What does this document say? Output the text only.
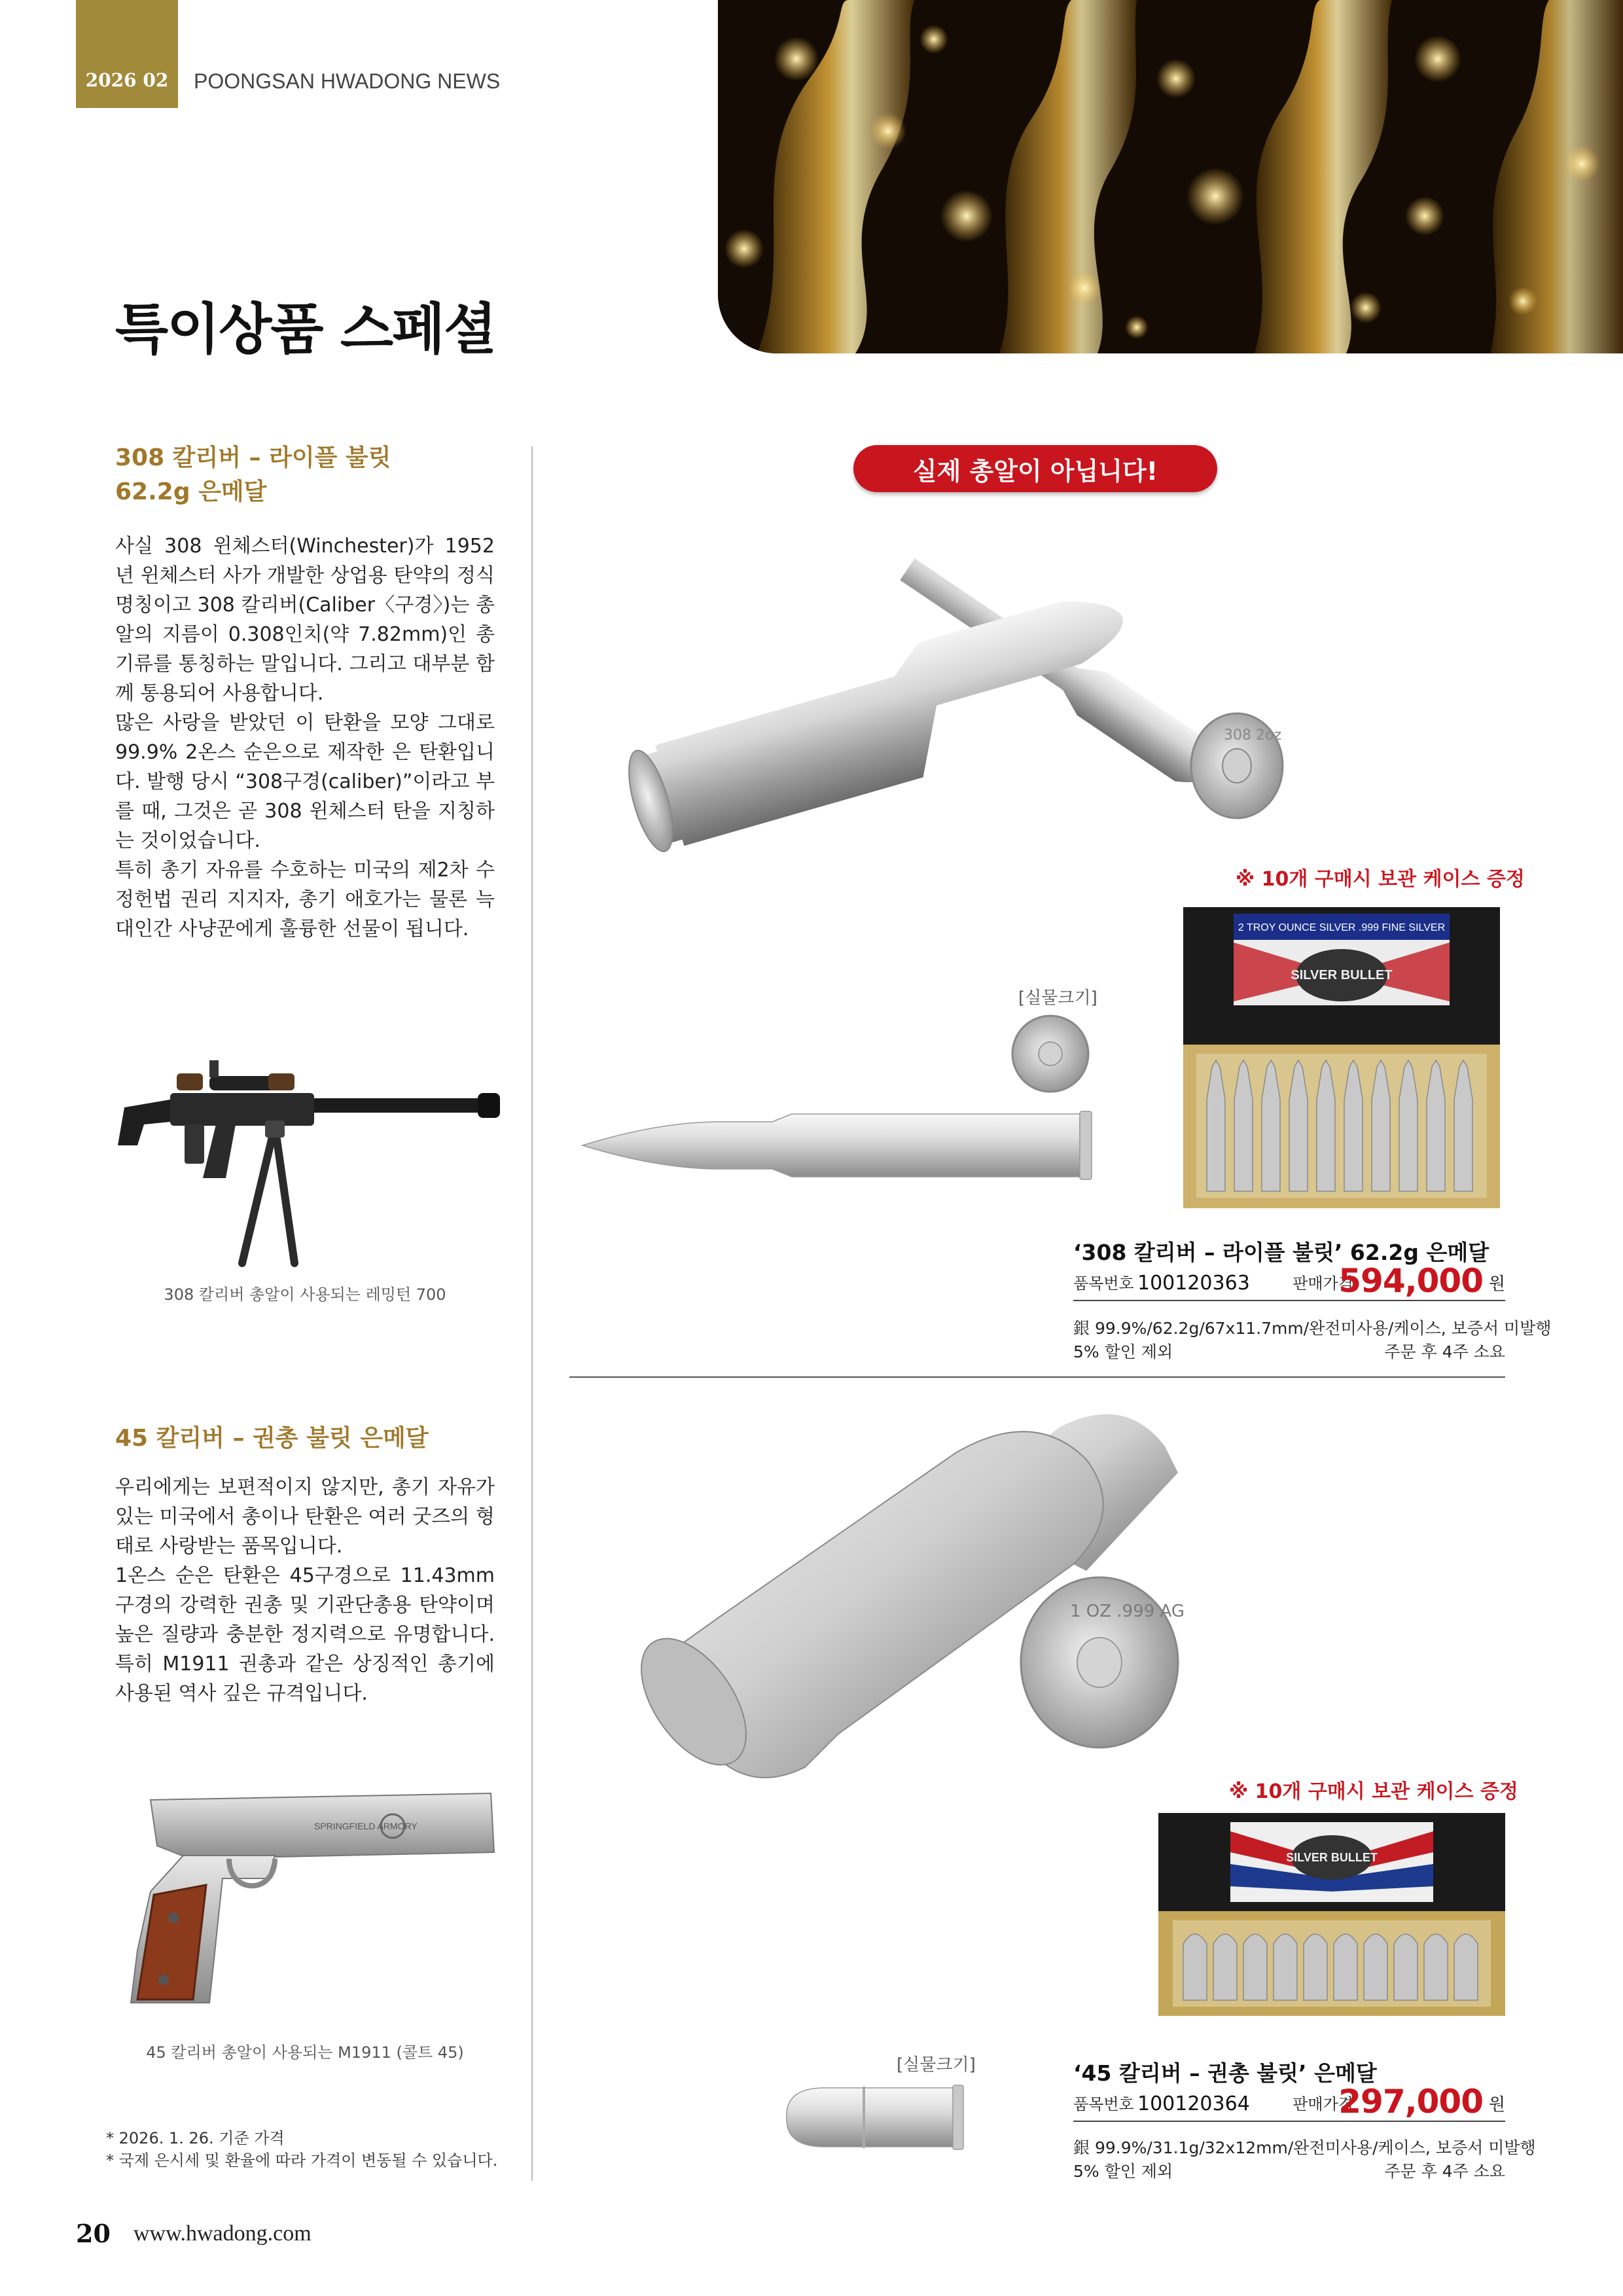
2026 02 POONGSAN HWADONG NEWS
특이상품 스페셜
308 칼리버 – 라이플 불릿
62.2g 은메달
사실 308 윈체스터(Winchester)가 1952년 윈체스터 사가 개발한 상업용 탄약의 정식 명칭이고 308 칼리버(Caliber〈구경〉)는 총알의 지름이 0.308인치(약 7.82mm)인 총기류를 통칭하는 말입니다. 그리고 대부분 함께 통용되어 사용합니다.
많은 사랑을 받았던 이 탄환을 모양 그대로 99.9% 2온스 순은으로 제작한 은 탄환입니다. 발행 당시 “308구경(caliber)”이라고 부를 때, 그것은 곧 308 윈체스터 탄을 지칭하는 것이었습니다.
특히 총기 자유를 수호하는 미국의 제2차 수정헌법 권리 지지자, 총기 애호가는 물론 늑대인간 사냥꾼에게 훌륭한 선물이 됩니다.
308 칼리버 총알이 사용되는 레밍턴 700
45 칼리버 – 권총 불릿 은메달
우리에게는 보편적이지 않지만, 총기 자유가 있는 미국에서 총이나 탄환은 여러 굿즈의 형태로 사랑받는 품목입니다.
1온스 순은 탄환은 45구경으로 11.43mm 구경의 강력한 권총 및 기관단총용 탄약이며 높은 질량과 충분한 정지력으로 유명합니다. 특히 M1911 권총과 같은 상징적인 총기에 사용된 역사 깊은 규격입니다.
SPRINGFIELD ARMORY
45 칼리버 총알이 사용되는 M1911 (콜트 45)
* 2026. 1. 26. 기준 가격
* 국제 은시세 및 환율에 따라 가격이 변동될 수 있습니다.
실제 총알이 아닙니다!
308 2oz
※ 10개 구매시 보관 케이스 증정
2 TROY OUNCE SILVER .999 FINE SILVER
SILVER BULLET
[실물크기]
‘308 칼리버 – 라이플 불릿’ 62.2g 은메달
품목번호 100120363	판매가격
594,000 원
銀 99.9%/62.2g/67x11.7mm/완전미사용/케이스, 보증서 미발행
5% 할인 제외	주문 후 4주 소요
1 OZ .999 AG
※ 10개 구매시 보관 케이스 증정
SILVER BULLET
[실물크기]	‘45 칼리버 – 권총 불릿’ 은메달
품목번호 100120364	판매가격
297,000 원
銀 99.9%/31.1g/32x12mm/완전미사용/케이스, 보증서 미발행
5% 할인 제외	주문 후 4주 소요
20 www.hwadong.com
